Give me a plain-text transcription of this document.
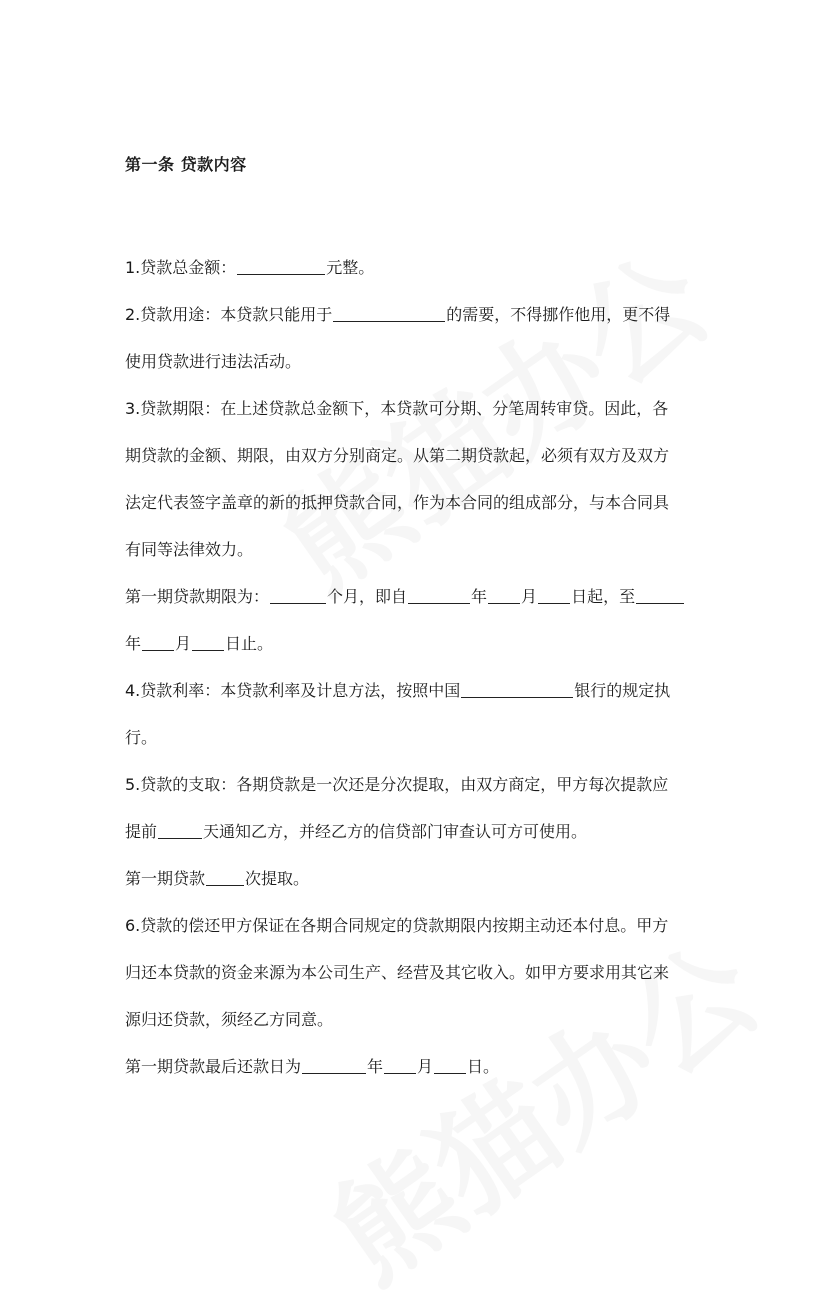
第一条 贷款内容
1.贷款总金额：	元整。
2.贷款用途：本贷款只能用于	的需要，不得挪作他用，更不得
使用贷款进行违法活动。
3.贷款期限：在上述贷款总金额下，本贷款可分期、分笔周转审贷。因此，各
期贷款的金额、期限，由双方分别商定。从第二期贷款起，必须有双方及双方
法定代表签字盖章的新的抵押贷款合同，作为本合同的组成部分，与本合同具
有同等法律效力。
第一期贷款期限为：	个月，即自	年 月 日起，至
年 月 日止。
4.贷款利率：本贷款利率及计息方法，按照中国	银行的规定执
行。
5.贷款的支取：各期贷款是一次还是分次提取，由双方商定，甲方每次提款应
提前	天通知乙方，并经乙方的信贷部门审查认可方可使用。
第一期贷款	次提取。
6.贷款的偿还甲方保证在各期合同规定的贷款期限内按期主动还本付息。甲方
归还本贷款的资金来源为本公司生产、经营及其它收入。如甲方要求用其它来
源归还贷款，须经乙方同意。
第一期贷款最后还款日为	年 月 日。
